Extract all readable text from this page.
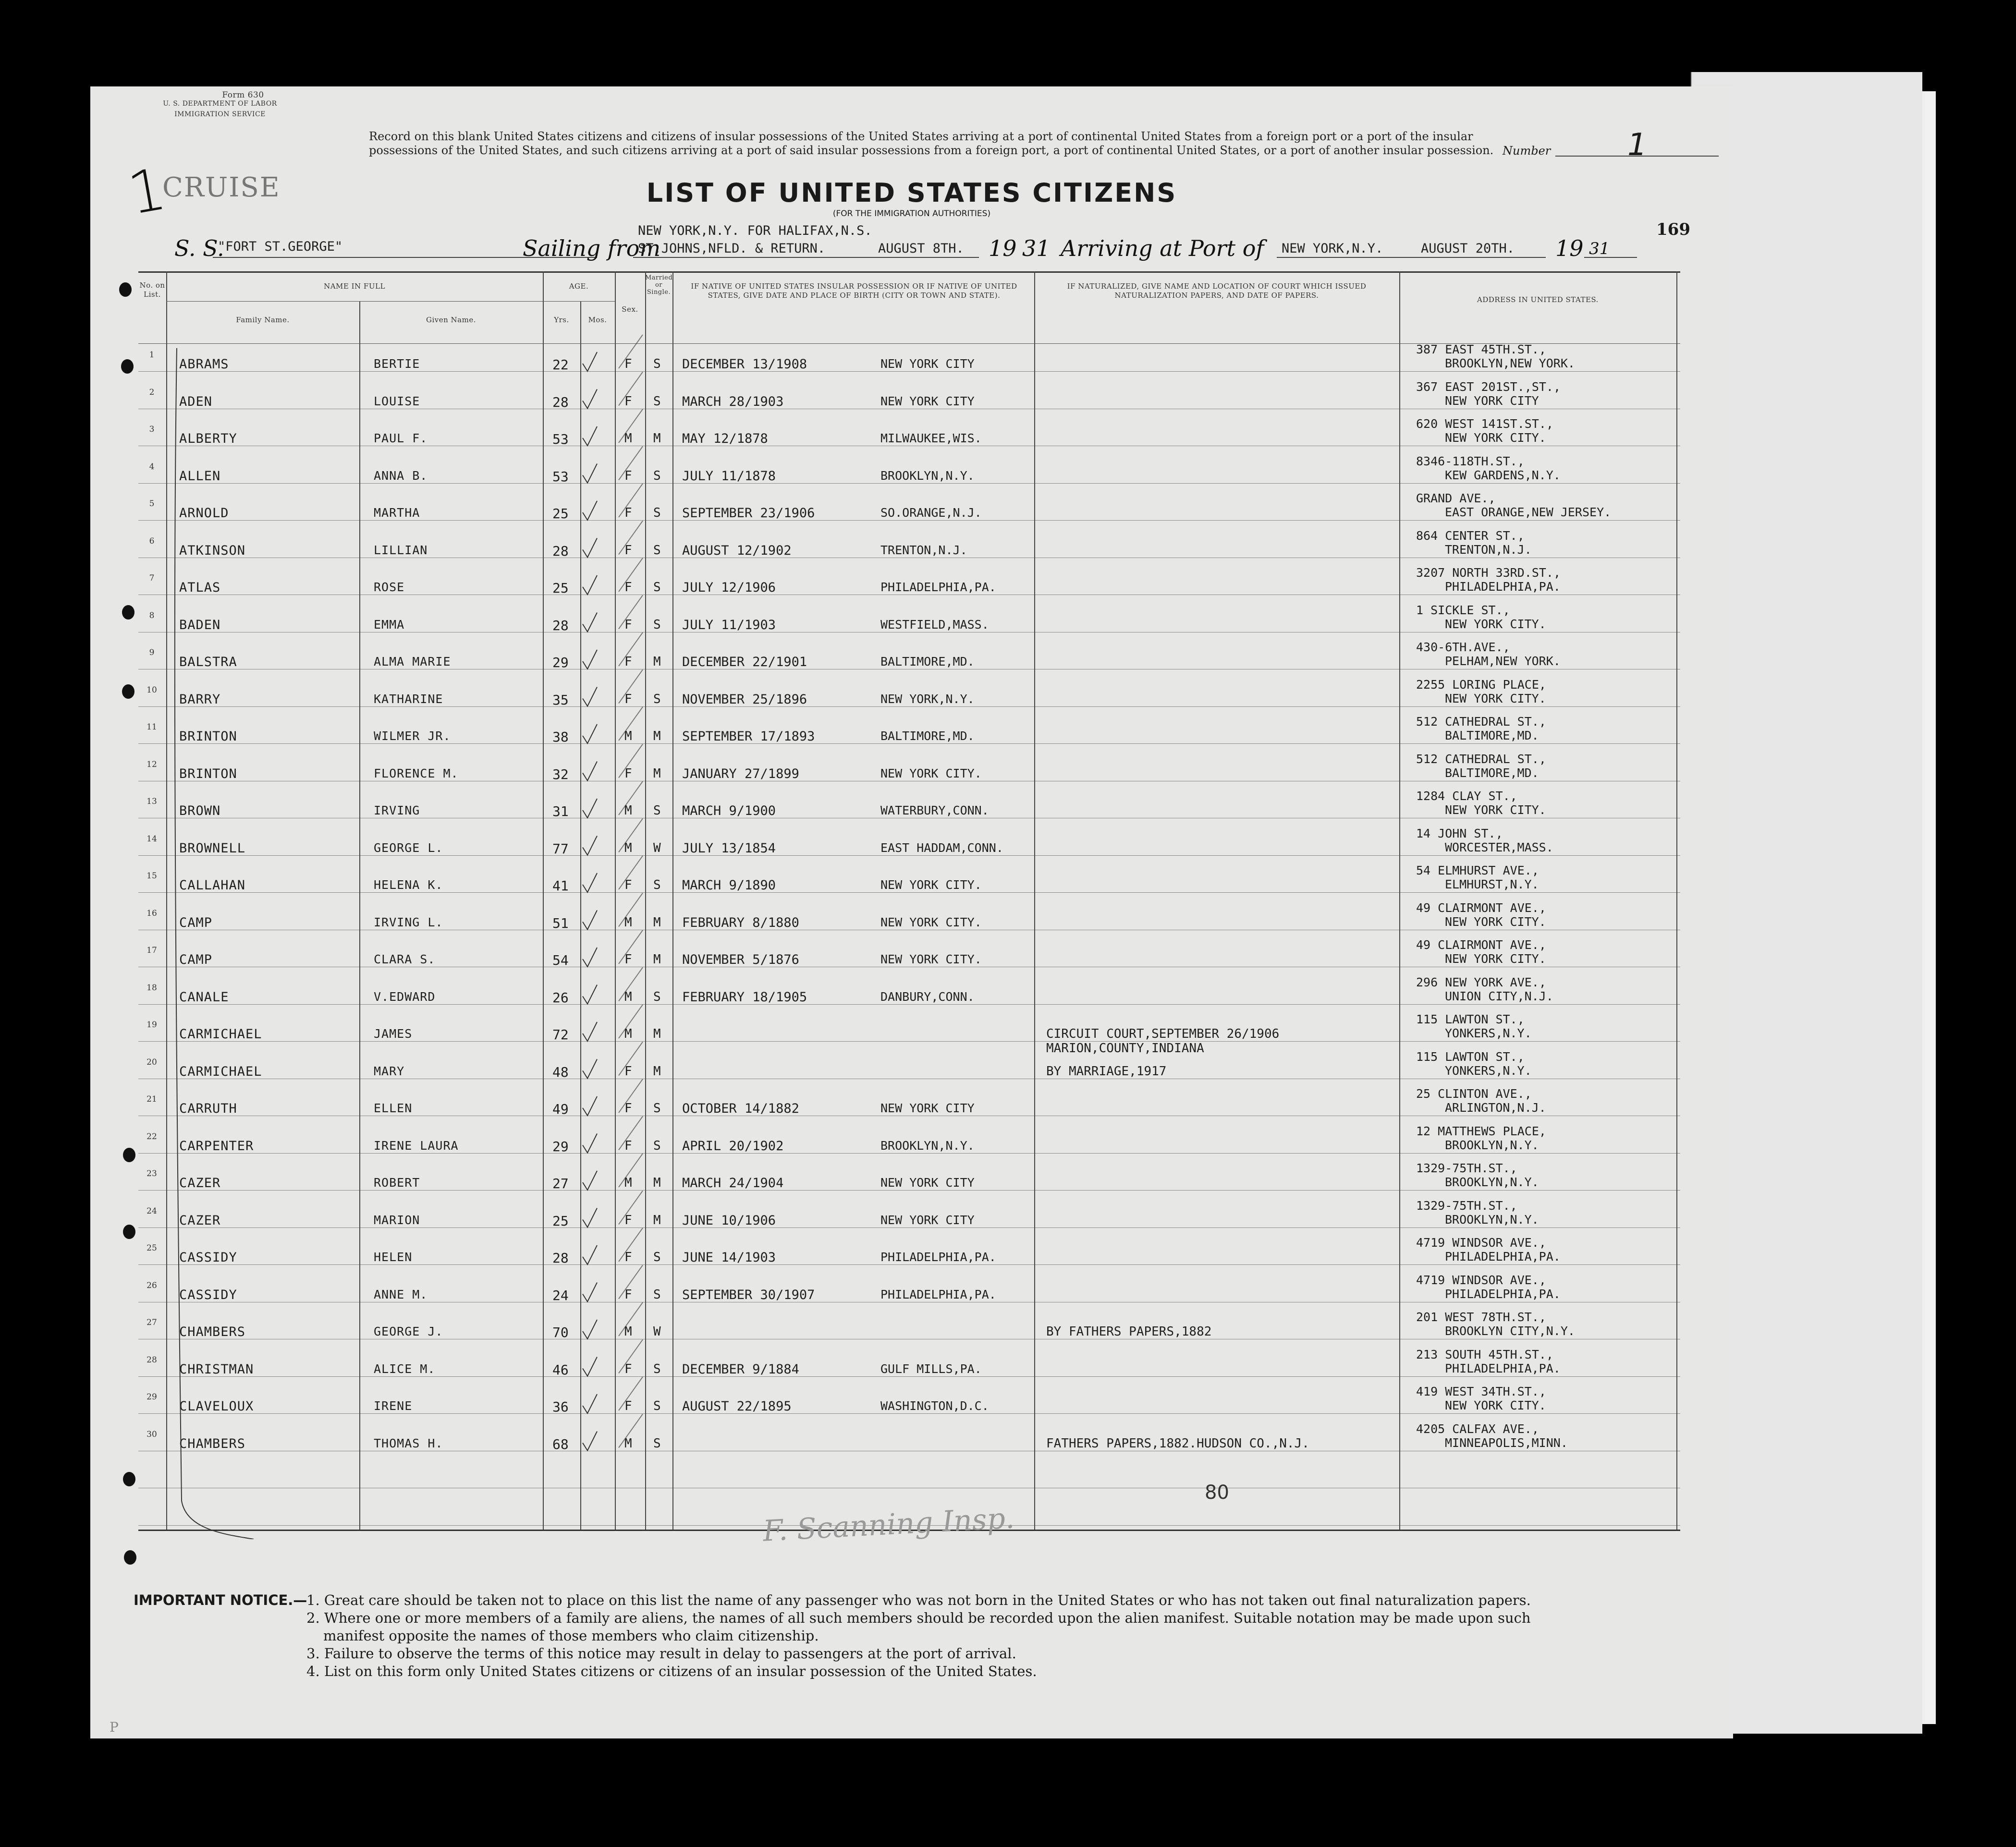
Form 630
U. S. DEPARTMENT OF LABOR
IMMIGRATION SERVICE
Record on this blank United States citizens and citizens of insular possessions of the United States arriving at a port of continental United States from a foreign port or a port of the insular possessions of the United States, and such citizens arriving at a port of said insular possessions from a foreign port, a port of continental United States, or a port of another insular possession. Number 1
1
CRUISE	LIST OF UNITED STATES CITIZENS
(FOR THE IMMIGRATION AUTHORITIES)
169
S. S.
"FORT ST.GEORGE"	Sailing from
NEW YORK,N.Y. FOR HALIFAX,N.S.
ST.JOHNS,NFLD. & RETURN.	AUGUST 8TH. 19 31 Arriving at Port of NEW YORK,N.Y.	AUGUST 20TH. 19 31
No. on List.
NAME IN FULL
Family Name.	Given Name.
AGE.
Yrs.	Mos.
Sex.
Married or Single.
IF NATIVE OF UNITED STATES INSULAR POSSESSION OR IF NATIVE OF UNITED STATES, GIVE DATE AND PLACE OF BIRTH (CITY OR TOWN AND STATE).
IF NATURALIZED, GIVE NAME AND LOCATION OF COURT WHICH ISSUED NATURALIZATION PAPERS, AND DATE OF PAPERS.	ADDRESS IN UNITED STATES.
1
ABRAMS	BERTIE	22	F S DECEMBER 13/1908	NEW YORK CITY
387 EAST 45TH.ST.,
BROOKLYN,NEW YORK.
2
ADEN	LOUISE	28	F S MARCH 28/1903	NEW YORK CITY
367 EAST 201ST.,ST.,
NEW YORK CITY
3
ALBERTY	PAUL F.	53	M M MAY 12/1878	MILWAUKEE,WIS.
620 WEST 141ST.ST.,
NEW YORK CITY.
4
ALLEN	ANNA B.	53	F S JULY 11/1878	BROOKLYN,N.Y.
8346-118TH.ST.,
KEW GARDENS,N.Y.
5
ARNOLD	MARTHA	25	F S SEPTEMBER 23/1906	SO.ORANGE,N.J.
GRAND AVE.,
EAST ORANGE,NEW JERSEY.
6
ATKINSON	LILLIAN	28	F S AUGUST 12/1902	TRENTON,N.J.
864 CENTER ST.,
TRENTON,N.J.
7
ATLAS	ROSE	25	F S JULY 12/1906	PHILADELPHIA,PA.
3207 NORTH 33RD.ST.,
PHILADELPHIA,PA.
8
BADEN	EMMA	28	F S JULY 11/1903	WESTFIELD,MASS.
1 SICKLE ST.,
NEW YORK CITY.
9
BALSTRA	ALMA MARIE	29	F M DECEMBER 22/1901	BALTIMORE,MD.
430-6TH.AVE.,
PELHAM,NEW YORK.
10
BARRY	KATHARINE	35	F S NOVEMBER 25/1896	NEW YORK,N.Y.
2255 LORING PLACE,
NEW YORK CITY.
11
BRINTON	WILMER JR.	38	M M SEPTEMBER 17/1893	BALTIMORE,MD.
512 CATHEDRAL ST.,
BALTIMORE,MD.
12
BRINTON	FLORENCE M.	32	F M JANUARY 27/1899	NEW YORK CITY.
512 CATHEDRAL ST.,
BALTIMORE,MD.
13
BROWN	IRVING	31	M S MARCH 9/1900	WATERBURY,CONN.
1284 CLAY ST.,
NEW YORK CITY.
14
BROWNELL	GEORGE L.	77	M W JULY 13/1854	EAST HADDAM,CONN.
14 JOHN ST.,
WORCESTER,MASS.
15
CALLAHAN	HELENA K.	41	F S MARCH 9/1890	NEW YORK CITY.
54 ELMHURST AVE.,
ELMHURST,N.Y.
16
CAMP	IRVING L.	51	M M FEBRUARY 8/1880	NEW YORK CITY.
49 CLAIRMONT AVE.,
NEW YORK CITY.
17
CAMP	CLARA S.	54	F M NOVEMBER 5/1876	NEW YORK CITY.
49 CLAIRMONT AVE.,
NEW YORK CITY.
18
CANALE	V.EDWARD	26	M S FEBRUARY 18/1905	DANBURY,CONN.
296 NEW YORK AVE.,
UNION CITY,N.J.
19
CARMICHAEL	JAMES	72	M M	CIRCUIT COURT,SEPTEMBER 26/1906
MARION,COUNTY,INDIANA
115 LAWTON ST.,
YONKERS,N.Y.
20
CARMICHAEL	MARY	48	F M	BY MARRIAGE,1917
115 LAWTON ST.,
YONKERS,N.Y.
21
CARRUTH	ELLEN	49	F S OCTOBER 14/1882	NEW YORK CITY
25 CLINTON AVE.,
ARLINGTON,N.J.
22
CARPENTER	IRENE LAURA	29	F S APRIL 20/1902	BROOKLYN,N.Y.
12 MATTHEWS PLACE,
BROOKLYN,N.Y.
23
CAZER	ROBERT	27	M M MARCH 24/1904	NEW YORK CITY
1329-75TH.ST.,
BROOKLYN,N.Y.
24
CAZER	MARION	25	F M JUNE 10/1906	NEW YORK CITY
1329-75TH.ST.,
BROOKLYN,N.Y.
25
CASSIDY	HELEN	28	F S JUNE 14/1903	PHILADELPHIA,PA.
4719 WINDSOR AVE.,
PHILADELPHIA,PA.
26
CASSIDY	ANNE M.	24	F S SEPTEMBER 30/1907	PHILADELPHIA,PA.
4719 WINDSOR AVE.,
PHILADELPHIA,PA.
27
CHAMBERS	GEORGE J.	70	M W	BY FATHERS PAPERS,1882
201 WEST 78TH.ST.,
BROOKLYN CITY,N.Y.
28
CHRISTMAN	ALICE M.	46	F S DECEMBER 9/1884	GULF MILLS,PA.
213 SOUTH 45TH.ST.,
PHILADELPHIA,PA.
29
CLAVELOUX	IRENE	36	F S AUGUST 22/1895	WASHINGTON,D.C.
419 WEST 34TH.ST.,
NEW YORK CITY.
30
CHAMBERS	THOMAS H.	68	M S	FATHERS PAPERS,1882.HUDSON CO.,N.J.
4205 CALFAX AVE.,
MINNEAPOLIS,MINN.
80
F. Scanning Insp.
IMPORTANT NOTICE.—
1. Great care should be taken not to place on this list the name of any passenger who was not born in the United States or who has not taken out final naturalization papers.
2. Where one or more members of a family are aliens, the names of all such members should be recorded upon the alien manifest. Suitable notation may be made upon such
manifest opposite the names of those members who claim citizenship.
3. Failure to observe the terms of this notice may result in delay to passengers at the port of arrival.
4. List on this form only United States citizens or citizens of an insular possession of the United States.
P
